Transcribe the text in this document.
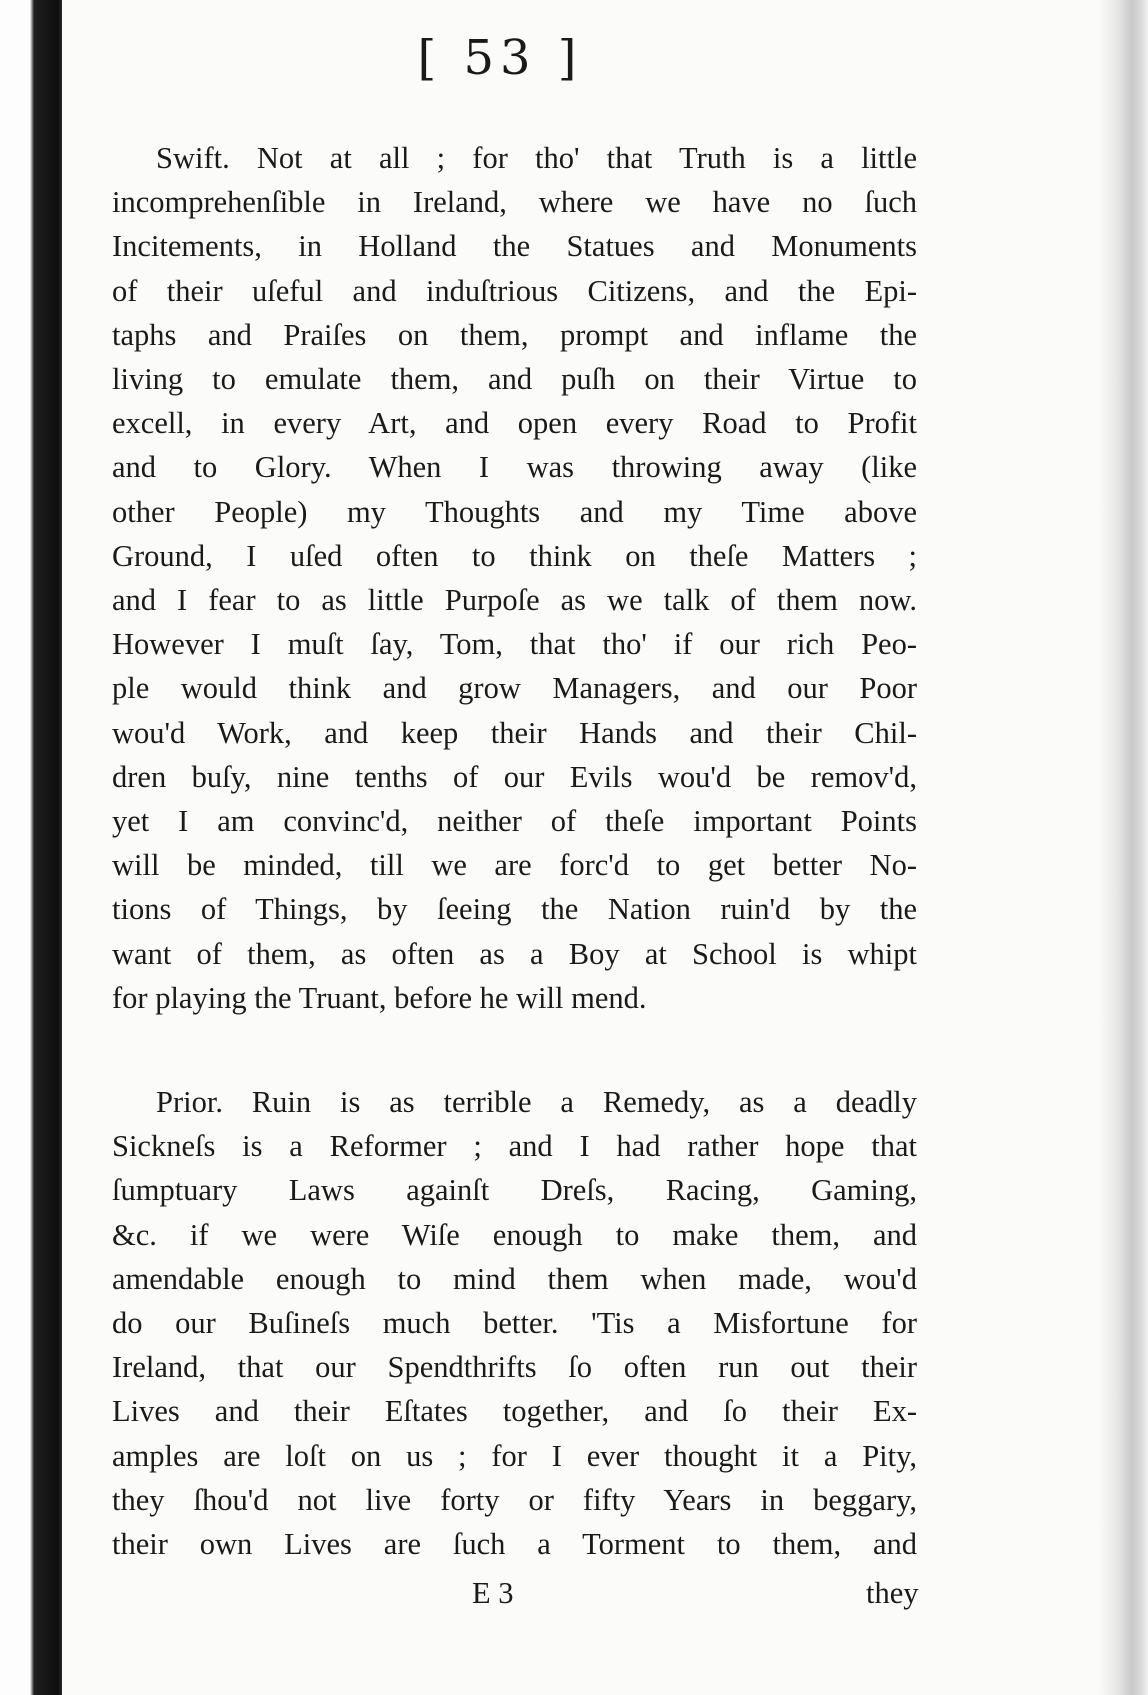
[ 53 ]
Swift. Not at all ; for tho' that Truth is a little
incomprehenſible in Ireland, where we have no ſuch
Incitements, in Holland the Statues and Monuments
of their uſeful and induſtrious Citizens, and the Epi-
taphs and Praiſes on them, prompt and inflame the
living to emulate them, and puſh on their Virtue to
excell, in every Art, and open every Road to Profit
and to Glory. When I was throwing away (like
other People) my Thoughts and my Time above
Ground, I uſed often to think on theſe Matters ;
and I fear to as little Purpoſe as we talk of them now.
However I muſt ſay, Tom, that tho' if our rich Peo-
ple would think and grow Managers, and our Poor
wou'd Work, and keep their Hands and their Chil-
dren buſy, nine tenths of our Evils wou'd be remov'd,
yet I am convinc'd, neither of theſe important Points
will be minded, till we are forc'd to get better No-
tions of Things, by ſeeing the Nation ruin'd by the
want of them, as often as a Boy at School is whipt
for playing the Truant, before he will mend.
Prior. Ruin is as terrible a Remedy, as a deadly
Sickneſs is a Reformer ; and I had rather hope that
ſumptuary Laws againſt Dreſs, Racing, Gaming,
&c. if we were Wiſe enough to make them, and
amendable enough to mind them when made, wou'd
do our Buſineſs much better. 'Tis a Misfortune for
Ireland, that our Spendthrifts ſo often run out their
Lives and their Eſtates together, and ſo their Ex-
amples are loſt on us ; for I ever thought it a Pity,
they ſhou'd not live forty or fifty Years in beggary,
their own Lives are ſuch a Torment to them, and
E 3	they
